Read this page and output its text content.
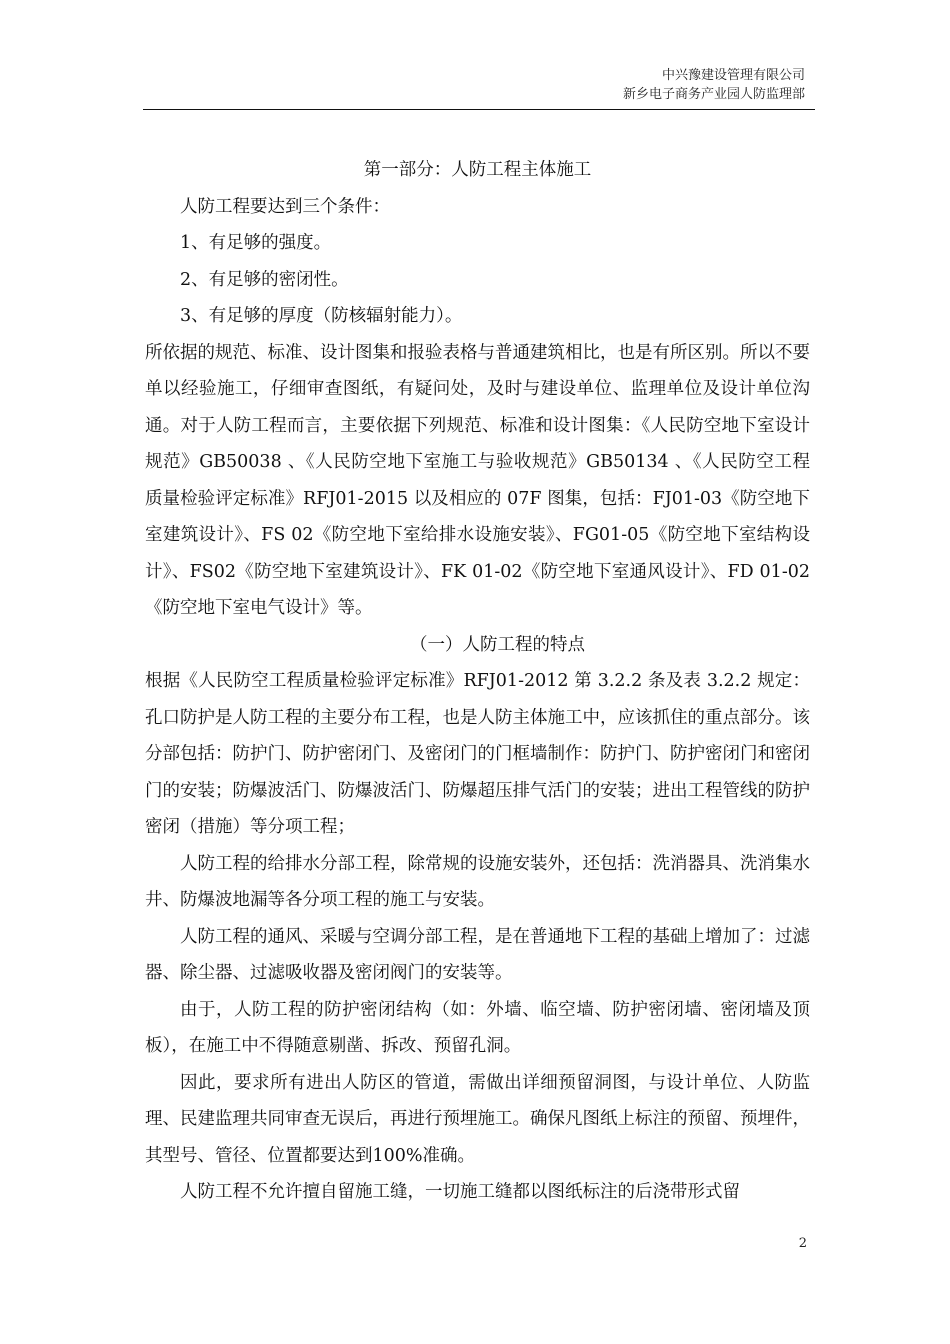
中兴豫建设管理有限公司
新乡电子商务产业园人防监理部

第一部分：人防工程主体施工

人防工程要达到三个条件：

1、有足够的强度。

2、有足够的密闭性。

3、有足够的厚度（防核辐射能力）。

所依据的规范、标准、设计图集和报验表格与普通建筑相比，也是有所区别。所以不要单以经验施工，仔细审查图纸，有疑问处，及时与建设单位、监理单位及设计单位沟通。对于人防工程而言，主要依据下列规范、标准和设计图集：《人民防空地下室设计规范》GB50038 、《人民防空地下室施工与验收规范》GB50134 、《人民防空工程质量检验评定标准》RFJ01-2015 以及相应的 07F 图集，包括：FJ01-03《防空地下室建筑设计》、FS 02《防空地下室给排水设施安装》、FG01-05《防空地下室结构设计》、FS02《防空地下室建筑设计》、FK 01-02《防空地下室通风设计》、FD 01-02《防空地下室电气设计》等。

（一）人防工程的特点

根据《人民防空工程质量检验评定标准》RFJ01-2012 第 3.2.2 条及表 3.2.2 规定：孔口防护是人防工程的主要分布工程，也是人防主体施工中，应该抓住的重点部分。该分部包括：防护门、防护密闭门、及密闭门的门框墙制作：防护门、防护密闭门和密闭门的安装；防爆波活门、防爆波活门、防爆超压排气活门的安装；进出工程管线的防护密闭（措施）等分项工程；

人防工程的给排水分部工程，除常规的设施安装外，还包括：洗消器具、洗消集水井、防爆波地漏等各分项工程的施工与安装。

人防工程的通风、采暖与空调分部工程，是在普通地下工程的基础上增加了：过滤器、除尘器、过滤吸收器及密闭阀门的安装等。

由于，人防工程的防护密闭结构（如：外墙、临空墙、防护密闭墙、密闭墙及顶板），在施工中不得随意剔凿、拆改、预留孔洞。

因此，要求所有进出人防区的管道，需做出详细预留洞图，与设计单位、人防监理、民建监理共同审查无误后，再进行预埋施工。确保凡图纸上标注的预留、预埋件，其型号、管径、位置都要达到100%准确。

人防工程不允许擅自留施工缝，一切施工缝都以图纸标注的后浇带形式留

2
